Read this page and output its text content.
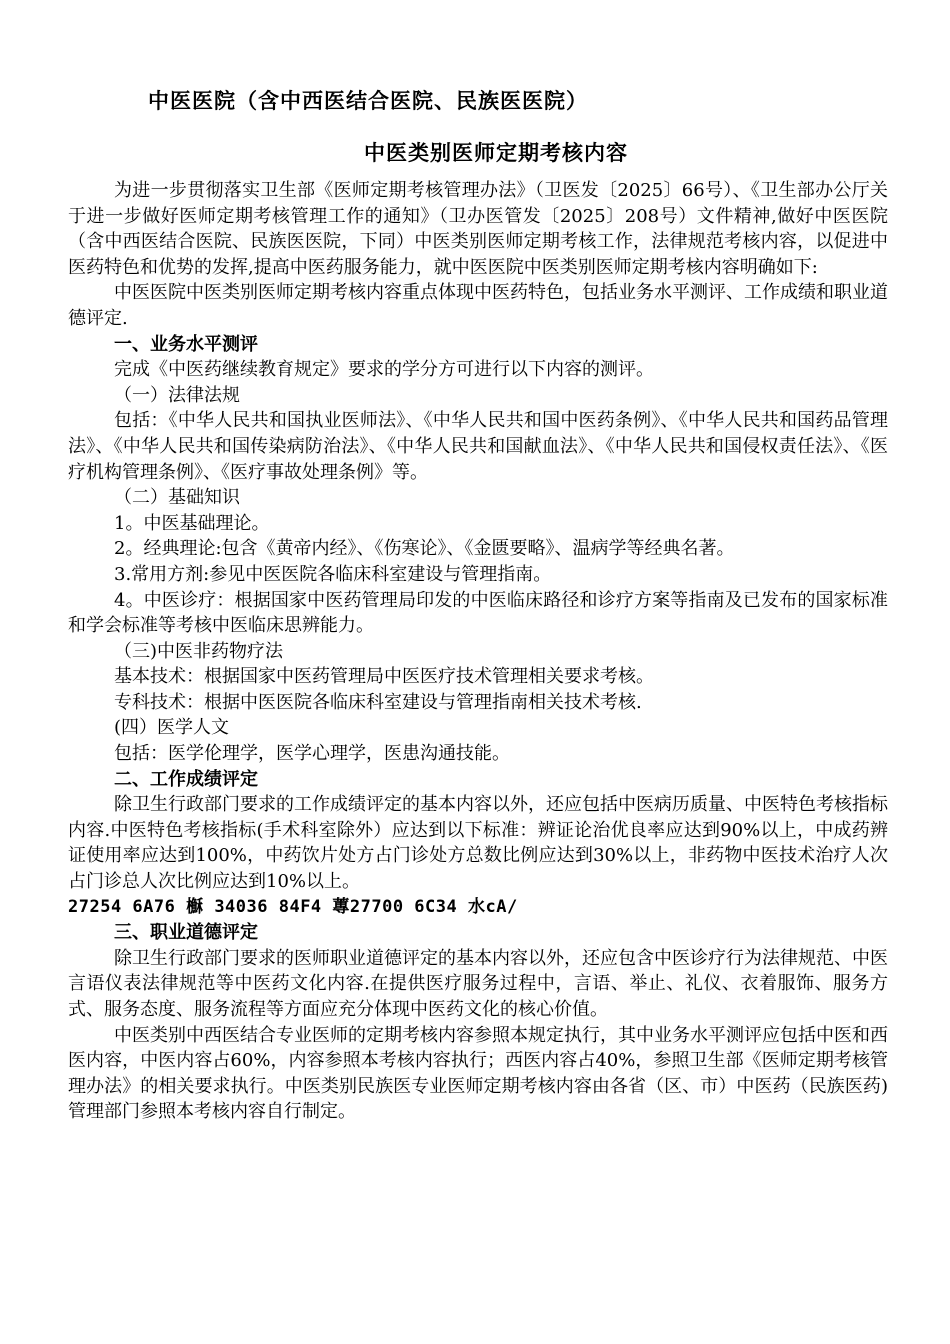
中医医院（含中西医结合医院、民族医医院）
中医类别医师定期考核内容

为进一步贯彻落实卫生部《医师定期考核管理办法》（卫医发〔2025〕66号）、《卫生部办公厅关于进一步做好医师定期考核管理工作的通知》（卫办医管发〔2025〕208号）文件精神,做好中医医院（含中西医结合医院、民族医医院，下同）中医类别医师定期考核工作，法律规范考核内容，以促进中医药特色和优势的发挥,提高中医药服务能力，就中医医院中医类别医师定期考核内容明确如下:

中医医院中医类别医师定期考核内容重点体现中医药特色，包括业务水平测评、工作成绩和职业道德评定.

一、业务水平测评

完成《中医药继续教育规定》要求的学分方可进行以下内容的测评。

（一）法律法规

包括：《中华人民共和国执业医师法》、《中华人民共和国中医药条例》、《中华人民共和国药品管理法》、《中华人民共和国传染病防治法》、《中华人民共和国献血法》、《中华人民共和国侵权责任法》、《医疗机构管理条例》、《医疗事故处理条例》等。

（二）基础知识

1。中医基础理论。

2。经典理论:包含《黄帝内经》、《伤寒论》、《金匮要略》、温病学等经典名著。

3.常用方剂:参见中医医院各临床科室建设与管理指南。

4。中医诊疗：根据国家中医药管理局印发的中医临床路径和诊疗方案等指南及已发布的国家标准和学会标准等考核中医临床思辨能力。

（三)中医非药物疗法

基本技术：根据国家中医药管理局中医医疗技术管理相关要求考核。

专科技术：根据中医医院各临床科室建设与管理指南相关技术考核.

(四）医学人文

包括：医学伦理学，医学心理学，医患沟通技能。

二、工作成绩评定

除卫生行政部门要求的工作成绩评定的基本内容以外，还应包括中医病历质量、中医特色考核指标内容.中医特色考核指标(手术科室除外）应达到以下标准：辨证论治优良率应达到90%以上，中成药辨证使用率应达到100%，中药饮片处方占门诊处方总数比例应达到30%以上，非药物中医技术治疗人次占门诊总人次比例应达到10%以上。

27254 6A76 櫯 34036 84F4 蓴27700 6C34 水cA/

三、职业道德评定

除卫生行政部门要求的医师职业道德评定的基本内容以外，还应包含中医诊疗行为法律规范、中医言语仪表法律规范等中医药文化内容.在提供医疗服务过程中，言语、举止、礼仪、衣着服饰、服务方式、服务态度、服务流程等方面应充分体现中医药文化的核心价值。

中医类别中西医结合专业医师的定期考核内容参照本规定执行，其中业务水平测评应包括中医和西医内容，中医内容占60%，内容参照本考核内容执行；西医内容占40%，参照卫生部《医师定期考核管理办法》的相关要求执行。中医类别民族医专业医师定期考核内容由各省（区、市）中医药（民族医药)管理部门参照本考核内容自行制定。
